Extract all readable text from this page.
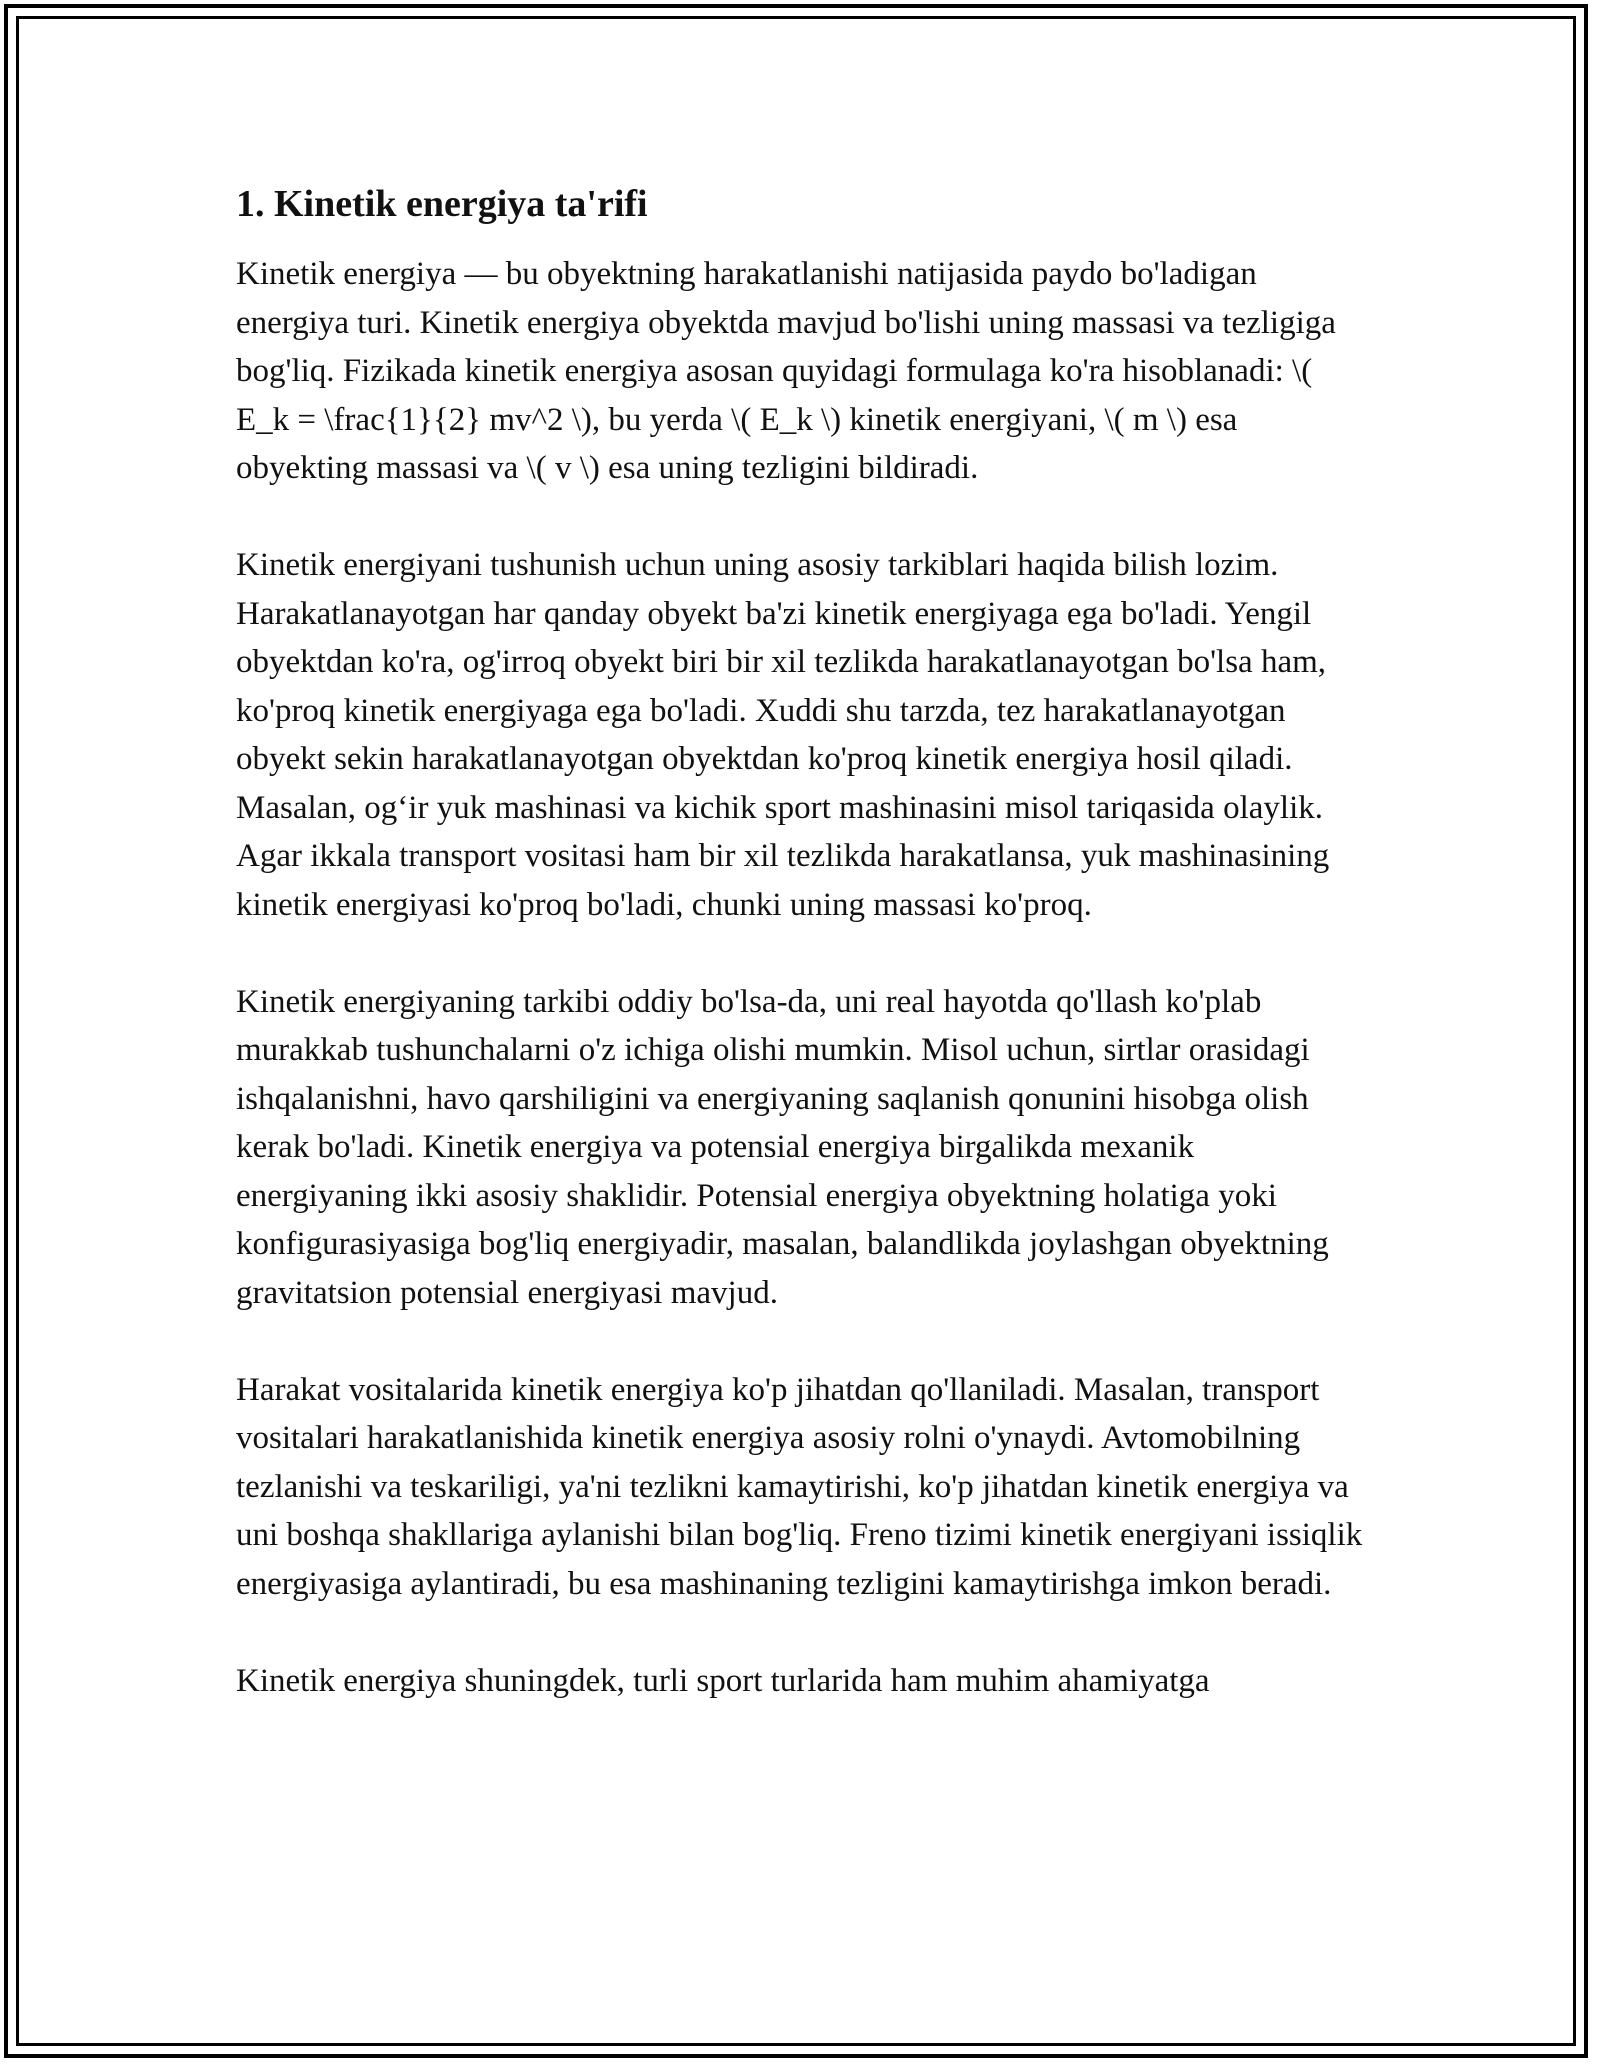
1. Kinetik energiya ta'rifi

Kinetik energiya — bu obyektning harakatlanishi natijasida paydo bo'ladigan energiya turi. Kinetik energiya obyektda mavjud bo'lishi uning massasi va tezligiga bog'liq. Fizikada kinetik energiya asosan quyidagi formulaga ko'ra hisoblanadi: \( E_k = \frac{1}{2} mv^2 \), bu yerda \( E_k \) kinetik energiyani, \( m \) esa obyekting massasi va \( v \) esa uning tezligini bildiradi.

Kinetik energiyani tushunish uchun uning asosiy tarkiblari haqida bilish lozim. Harakatlanayotgan har qanday obyekt ba'zi kinetik energiyaga ega bo'ladi. Yengil obyektdan ko'ra, og'irroq obyekt biri bir xil tezlikda harakatlanayotgan bo'lsa ham, ko'proq kinetik energiyaga ega bo'ladi. Xuddi shu tarzda, tez harakatlanayotgan obyekt sekin harakatlanayotgan obyektdan ko'proq kinetik energiya hosil qiladi. Masalan, og‘ir yuk mashinasi va kichik sport mashinasini misol tariqasida olaylik. Agar ikkala transport vositasi ham bir xil tezlikda harakatlansa, yuk mashinasining kinetik energiyasi ko'proq bo'ladi, chunki uning massasi ko'proq.

Kinetik energiyaning tarkibi oddiy bo'lsa-da, uni real hayotda qo'llash ko'plab murakkab tushunchalarni o'z ichiga olishi mumkin. Misol uchun, sirtlar orasidagi ishqalanishni, havo qarshiligini va energiyaning saqlanish qonunini hisobga olish kerak bo'ladi. Kinetik energiya va potensial energiya birgalikda mexanik energiyaning ikki asosiy shaklidir. Potensial energiya obyektning holatiga yoki konfigurasiyasiga bog'liq energiyadir, masalan, balandlikda joylashgan obyektning gravitatsion potensial energiyasi mavjud.

Harakat vositalarida kinetik energiya ko'p jihatdan qo'llaniladi. Masalan, transport vositalari harakatlanishida kinetik energiya asosiy rolni o'ynaydi. Avtomobilning tezlanishi va teskariligi, ya'ni tezlikni kamaytirishi, ko'p jihatdan kinetik energiya va uni boshqa shakllariga aylanishi bilan bog'liq. Freno tizimi kinetik energiyani issiqlik energiyasiga aylantiradi, bu esa mashinaning tezligini kamaytirishga imkon beradi.

Kinetik energiya shuningdek, turli sport turlarida ham muhim ahamiyatga
